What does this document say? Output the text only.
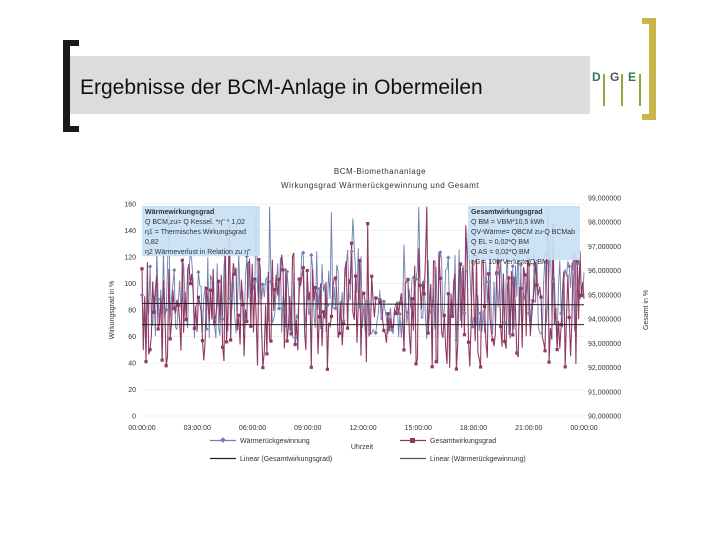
Ergebnisse der BCM-Anlage in Obermeilen	D G E
BCM-Biomethananlage
Wirkungsgrad Wärmerückgewinnung und Gesamt
0
20
40
60
80
100
120
140
160
90,000000
91,000000
92,000000
93,000000
94,000000
95,000000
96,000000
97,000000
98,000000
99,000000
00:00:00	03:00:00	06:00:00	09:00:00	12:00:00	15:00:00	18:00:00	21:00:00	00:00:00
Wirkungsgrad in %	Gesamt in %
Uhrzeit
Wärmerückgewinnung	Gesamtwirkungsgrad
Linear (Gesamtwirkungsgrad)	Linear (Wärmerückgewinnung)
Wärmewirkungsgrad
Q BCM,zu= Q Kessel. *η" * 1,02
η1 = Thermisches Wirkungsgrad
0,82
η2 Wärmeverlust in Relation zu η"
Gesamtwirkungsgrad
Q BM = VBM*10,5 kWh
QV-Wärme= QBCM zu-Q BCMab
Q EL = 0,02*Q BM
Q AS = 0,02*Q BM
ηG = 100*Verluste/Q BM
